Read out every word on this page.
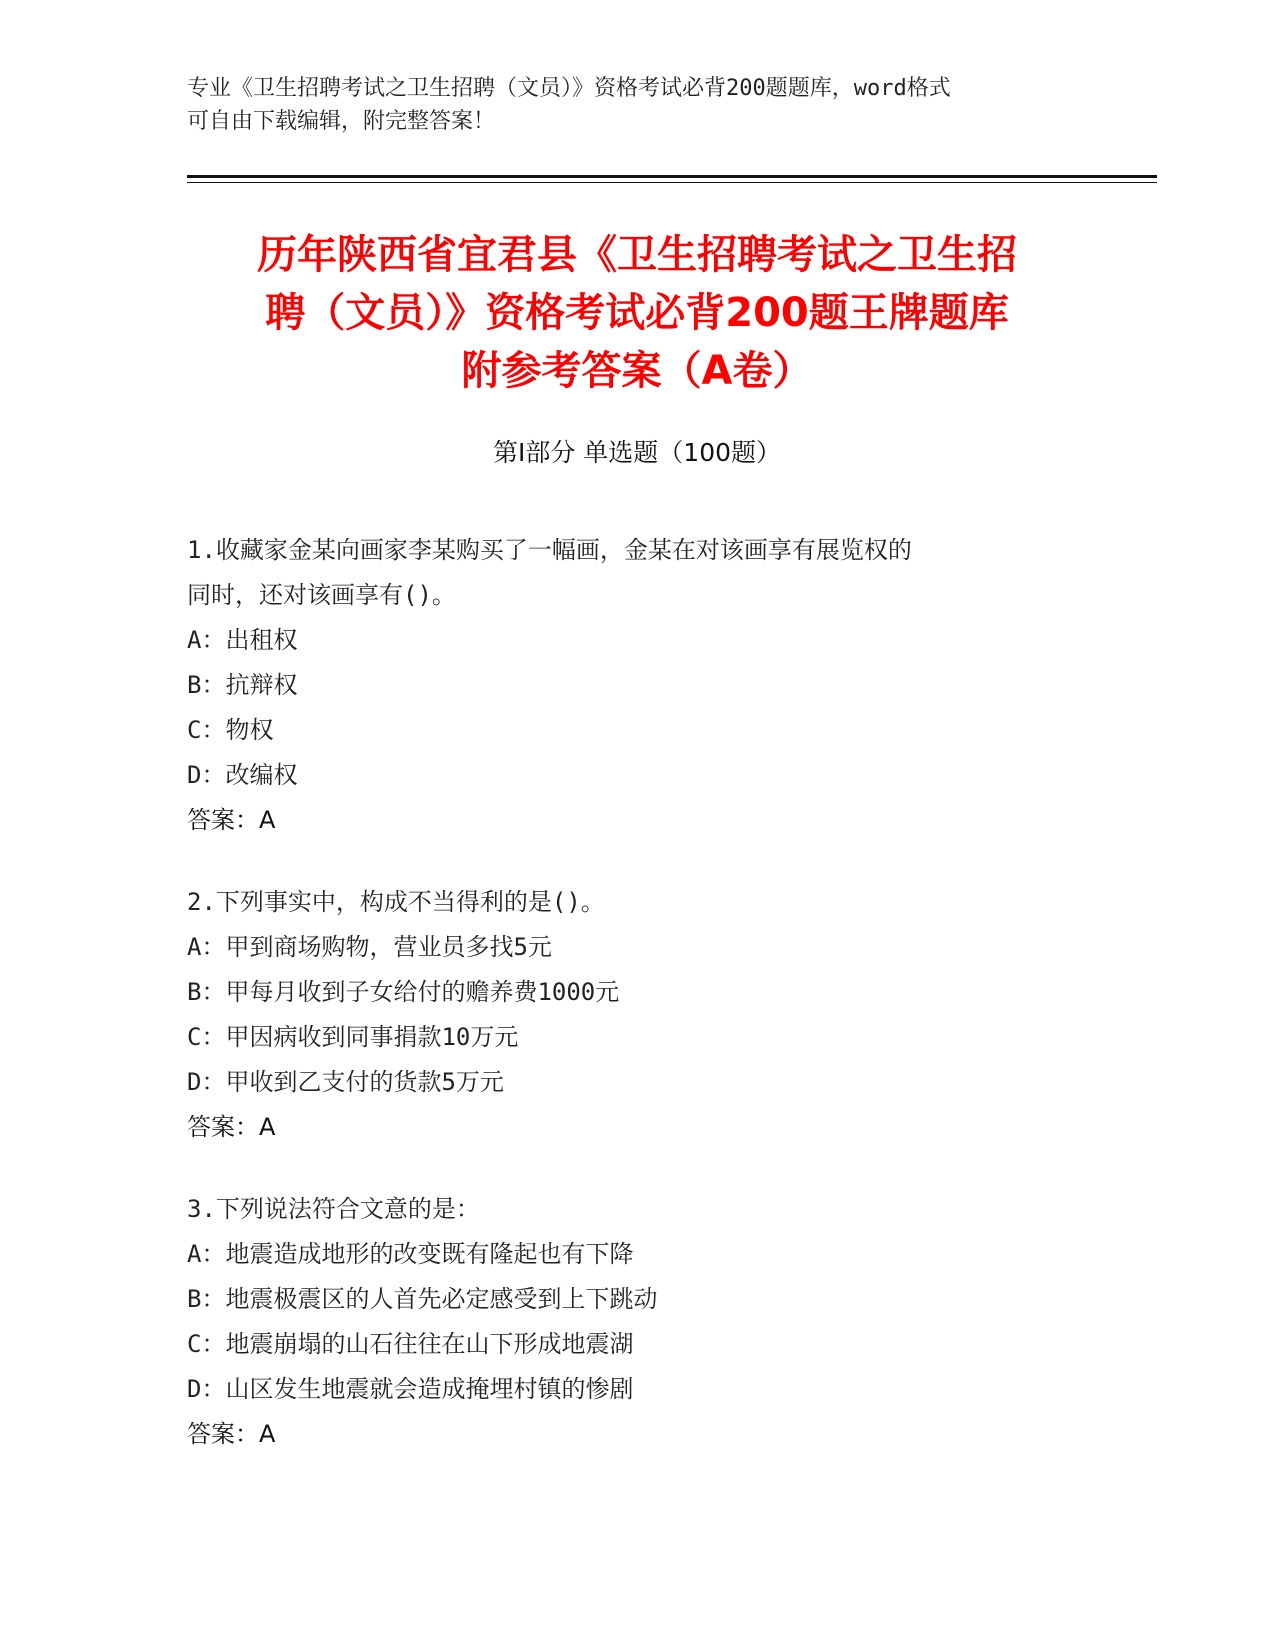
专业《卫生招聘考试之卫生招聘（文员）》资格考试必背200题题库，word格式
可自由下载编辑，附完整答案！
历年陕西省宜君县《卫生招聘考试之卫生招
聘（文员）》资格考试必背200题王牌题库
附参考答案（A卷）
第Ⅰ部分 单选题（100题）
1.收藏家金某向画家李某购买了一幅画，金某在对该画享有展览权的
同时，还对该画享有()。
A：出租权
B：抗辩权
C：物权
D：改编权
答案：A
2.下列事实中，构成不当得利的是()。
A：甲到商场购物，营业员多找5元
B：甲每月收到子女给付的赡养费1000元
C：甲因病收到同事捐款10万元
D：甲收到乙支付的货款5万元
答案：A
3.下列说法符合文意的是：
A：地震造成地形的改变既有隆起也有下降
B：地震极震区的人首先必定感受到上下跳动
C：地震崩塌的山石往往在山下形成地震湖
D：山区发生地震就会造成掩埋村镇的惨剧
答案：A
